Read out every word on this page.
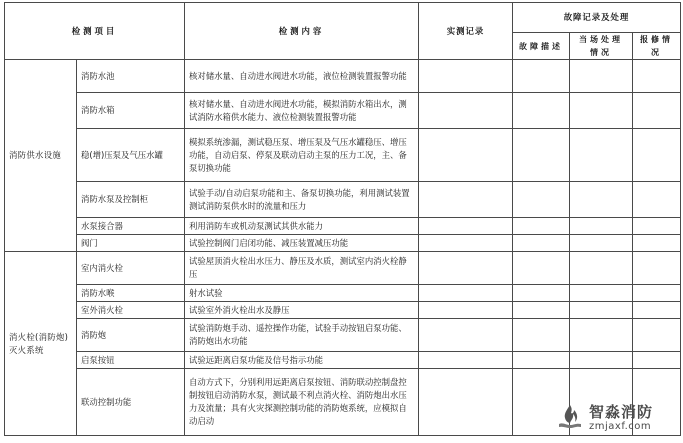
检测项目		检测内容	实测记录	故障记录及处理		
				故障描述	当场处理情况	报修情况
消防供水设施	消防水池	核对储水量、自动进水阀进水功能，液位检测装置报警功能				
	消防水箱	核对储水量、自动进水阀进水功能，模拟消防水箱出水，测试消防水箱供水能力、液位检测装置报警功能				
	稳(增)压泵及气压水罐	模拟系统渗漏，测试稳压泵、增压泵及气压水罐稳压、增压功能，自动启泵、停泵及联动启动主泵的压力工况，主、备泵切换功能				
	消防水泵及控制柜	试验手动/自动启泵功能和主、备泵切换功能，利用测试装置测试消防泵供水时的流量和压力				
	水泵接合器	利用消防车或机动泵测试其供水能力				
	阀门	试验控制阀门启闭功能、减压装置减压功能				
消火栓(消防炮)灭火系统	室内消火栓	试验屋顶消火栓出水压力、静压及水质，测试室内消火栓静压				
	消防水喉	射水试验				
	室外消火栓	试验室外消火栓出水及静压				
	消防炮	试验消防炮手动、遥控操作功能，试验手动按钮启泵功能、消防炮出水功能				
	启泵按钮	试验远距离启泵功能及信号指示功能				
	联动控制功能	自动方式下，分别利用远距离启泵按钮、消防联动控制盘控制按钮启动消防水泵，测试最不利点消火栓、消防炮出水压力及流量；具有火灾探测控制功能的消防炮系统，应模拟自动启动					智淼消防
zmjaxf.com
